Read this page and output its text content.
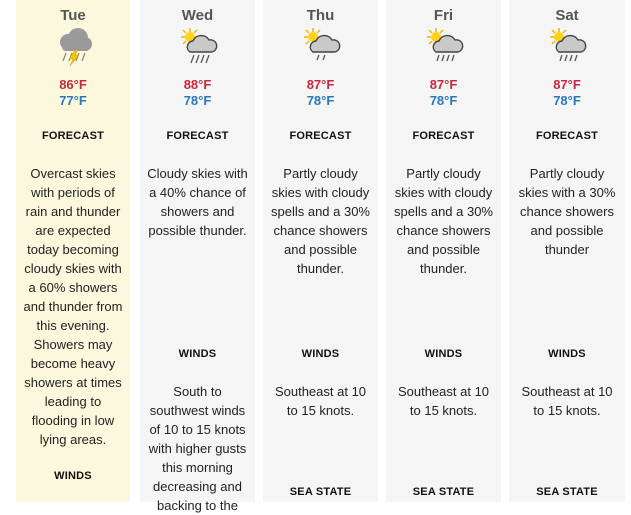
Tue
86°F
77°F
FORECAST
Overcast skies with periods of rain and thunder are expected today becoming cloudy skies with a 60% showers and thunder from this evening. Showers may become heavy showers at times leading to flooding in low lying areas.
WINDS
Wed
88°F
78°F
FORECAST
Cloudy skies with a 40% chance of showers and possible thunder.
WINDS
South to southwest winds of 10 to 15 knots with higher gusts this morning decreasing and backing to the
Thu
87°F
78°F
FORECAST
Partly cloudy skies with cloudy spells and a 30% chance showers and possible thunder.
WINDS
Southeast at 10 to 15 knots.
SEA STATE
Fri
87°F
78°F
FORECAST
Partly cloudy skies with cloudy spells and a 30% chance showers and possible thunder.
WINDS
Southeast at 10 to 15 knots.
SEA STATE
Sat
87°F
78°F
FORECAST
Partly cloudy skies with a 30% chance showers and possible thunder
WINDS
Southeast at 10 to 15 knots.
SEA STATE
